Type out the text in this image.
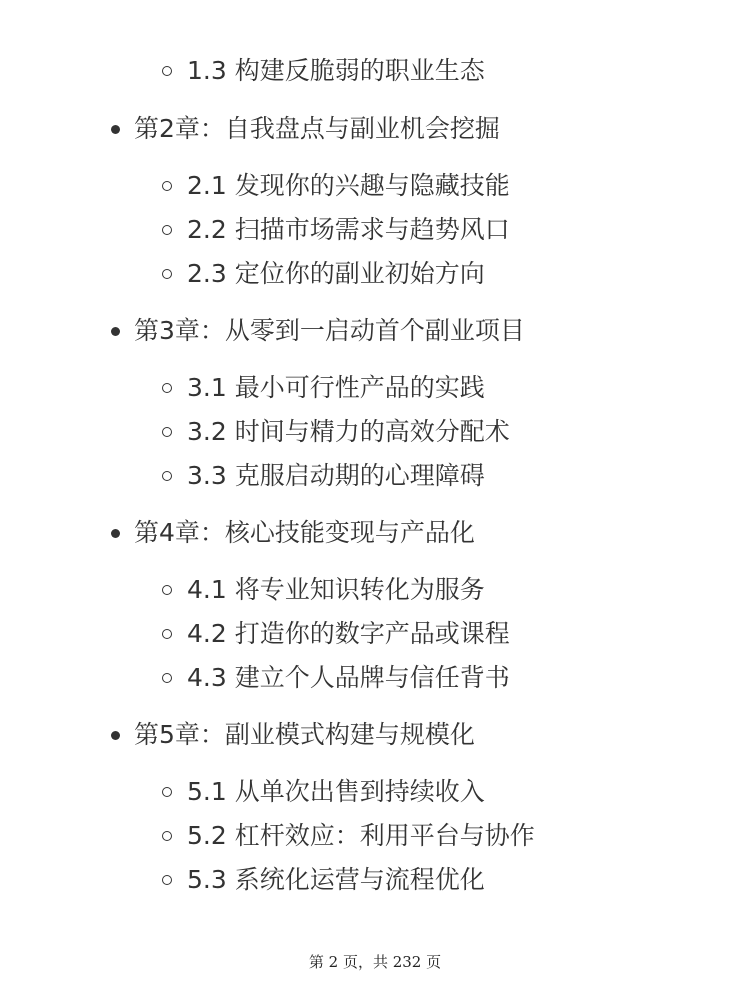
1.3 构建反脆弱的职业生态
第2章：自我盘点与副业机会挖掘
2.1 发现你的兴趣与隐藏技能
2.2 扫描市场需求与趋势风口
2.3 定位你的副业初始方向
第3章：从零到一启动首个副业项目
3.1 最小可行性产品的实践
3.2 时间与精力的高效分配术
3.3 克服启动期的心理障碍
第4章：核心技能变现与产品化
4.1 将专业知识转化为服务
4.2 打造你的数字产品或课程
4.3 建立个人品牌与信任背书
第5章：副业模式构建与规模化
5.1 从单次出售到持续收入
5.2 杠杆效应：利用平台与协作
5.3 系统化运营与流程优化
第 2 页，共 232 页
